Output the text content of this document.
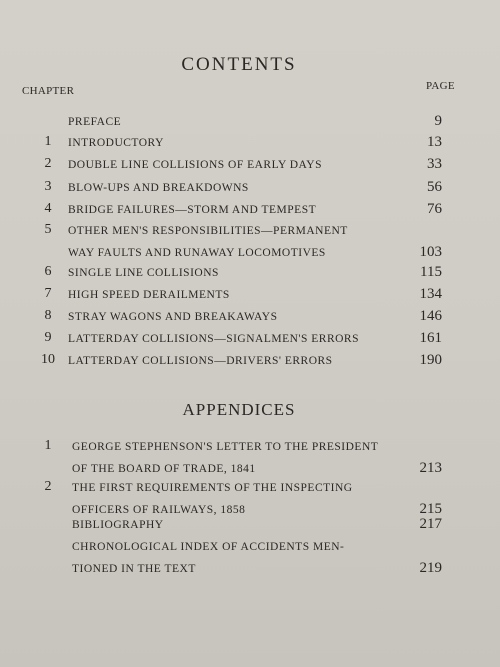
CONTENTS
CHAPTER	PAGE
PREFACE	9
1	INTRODUCTORY	13
2	DOUBLE LINE COLLISIONS OF EARLY DAYS	33
3	BLOW-UPS AND BREAKDOWNS	56
4	BRIDGE FAILURES—STORM AND TEMPEST	76
5	OTHER MEN'S RESPONSIBILITIES—PERMANENT
WAY FAULTS AND RUNAWAY LOCOMOTIVES	103
6	SINGLE LINE COLLISIONS	115
7	HIGH SPEED DERAILMENTS	134
8	STRAY WAGONS AND BREAKAWAYS	146
9	LATTERDAY COLLISIONS—SIGNALMEN'S ERRORS	161
10 LATTERDAY COLLISIONS—DRIVERS' ERRORS	190
APPENDICES
1	GEORGE STEPHENSON'S LETTER TO THE PRESIDENT
OF THE BOARD OF TRADE, 1841	213
2	THE FIRST REQUIREMENTS OF THE INSPECTING
OFFICERS OF RAILWAYS, 1858	215
BIBLIOGRAPHY	217
CHRONOLOGICAL INDEX OF ACCIDENTS MEN-
TIONED IN THE TEXT	219
